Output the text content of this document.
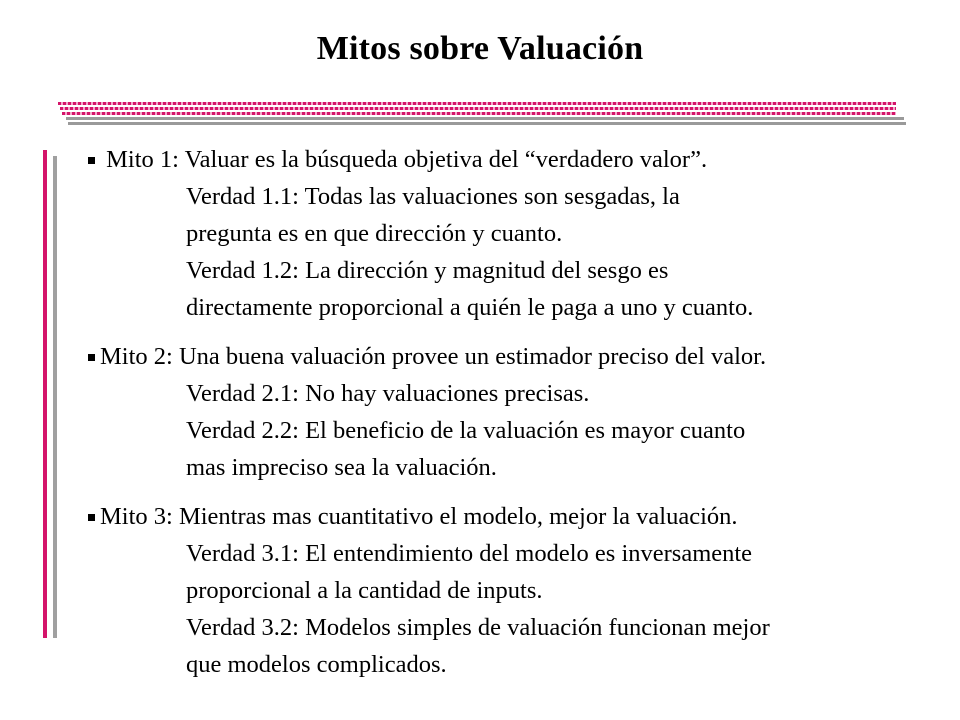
Mitos sobre Valuación
Mito 1: Valuar es la búsqueda objetiva del “verdadero valor”.
Verdad 1.1: Todas las valuaciones son sesgadas, la
pregunta es en que dirección y cuanto.
Verdad 1.2: La dirección y magnitud del sesgo es
directamente proporcional a quién le paga a uno y cuanto.
Mito 2: Una buena valuación provee un estimador preciso del valor.
Verdad 2.1: No hay valuaciones precisas.
Verdad 2.2: El beneficio de la valuación es mayor cuanto
mas impreciso sea la valuación.
Mito 3: Mientras mas cuantitativo el modelo, mejor la valuación.
Verdad 3.1: El entendimiento del modelo es inversamente
proporcional a la cantidad de inputs.
Verdad 3.2: Modelos simples de valuación funcionan mejor
que modelos complicados.
